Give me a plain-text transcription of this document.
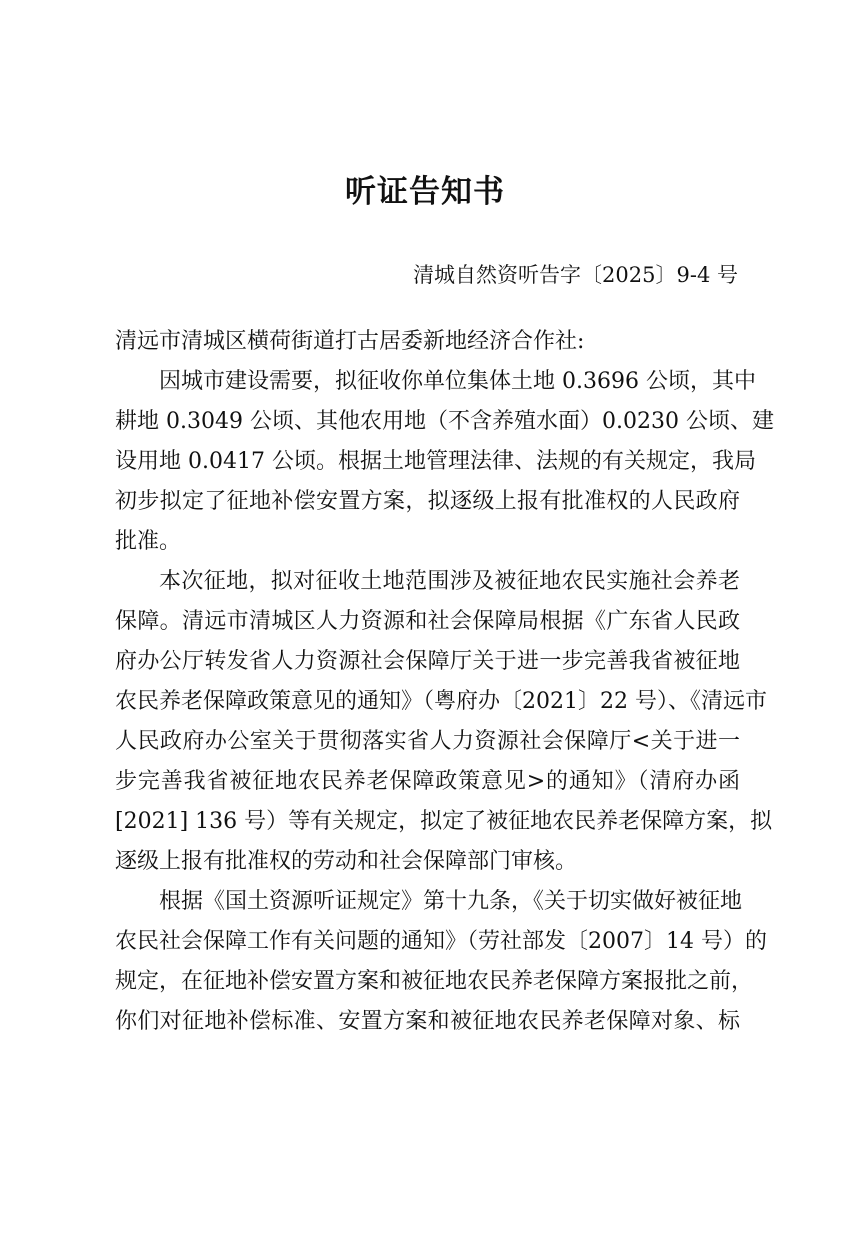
听证告知书
清城自然资听告字〔2025〕9-4 号
清远市清城区横荷街道打古居委新地经济合作社:

因城市建设需要，拟征收你单位集体土地 0.3696 公顷，其中
耕地 0.3049 公顷、其他农用地（不含养殖水面）0.0230 公顷、建
设用地 0.0417 公顷。根据土地管理法律、法规的有关规定，我局
初步拟定了征地补偿安置方案，拟逐级上报有批准权的人民政府
批准。

本次征地，拟对征收土地范围涉及被征地农民实施社会养老
保障。清远市清城区人力资源和社会保障局根据《广东省人民政
府办公厅转发省人力资源社会保障厅关于进一步完善我省被征地
农民养老保障政策意见的通知》（粤府办〔2021〕22 号）、《清远市
人民政府办公室关于贯彻落实省人力资源社会保障厅<关于进一
步完善我省被征地农民养老保障政策意见>的通知》（清府办函
[2021] 136 号）等有关规定，拟定了被征地农民养老保障方案，拟
逐级上报有批准权的劳动和社会保障部门审核。

根据《国土资源听证规定》第十九条，《关于切实做好被征地
农民社会保障工作有关问题的通知》（劳社部发〔2007〕14 号）的
规定，在征地补偿安置方案和被征地农民养老保障方案报批之前，
你们对征地补偿标准、安置方案和被征地农民养老保障对象、标
